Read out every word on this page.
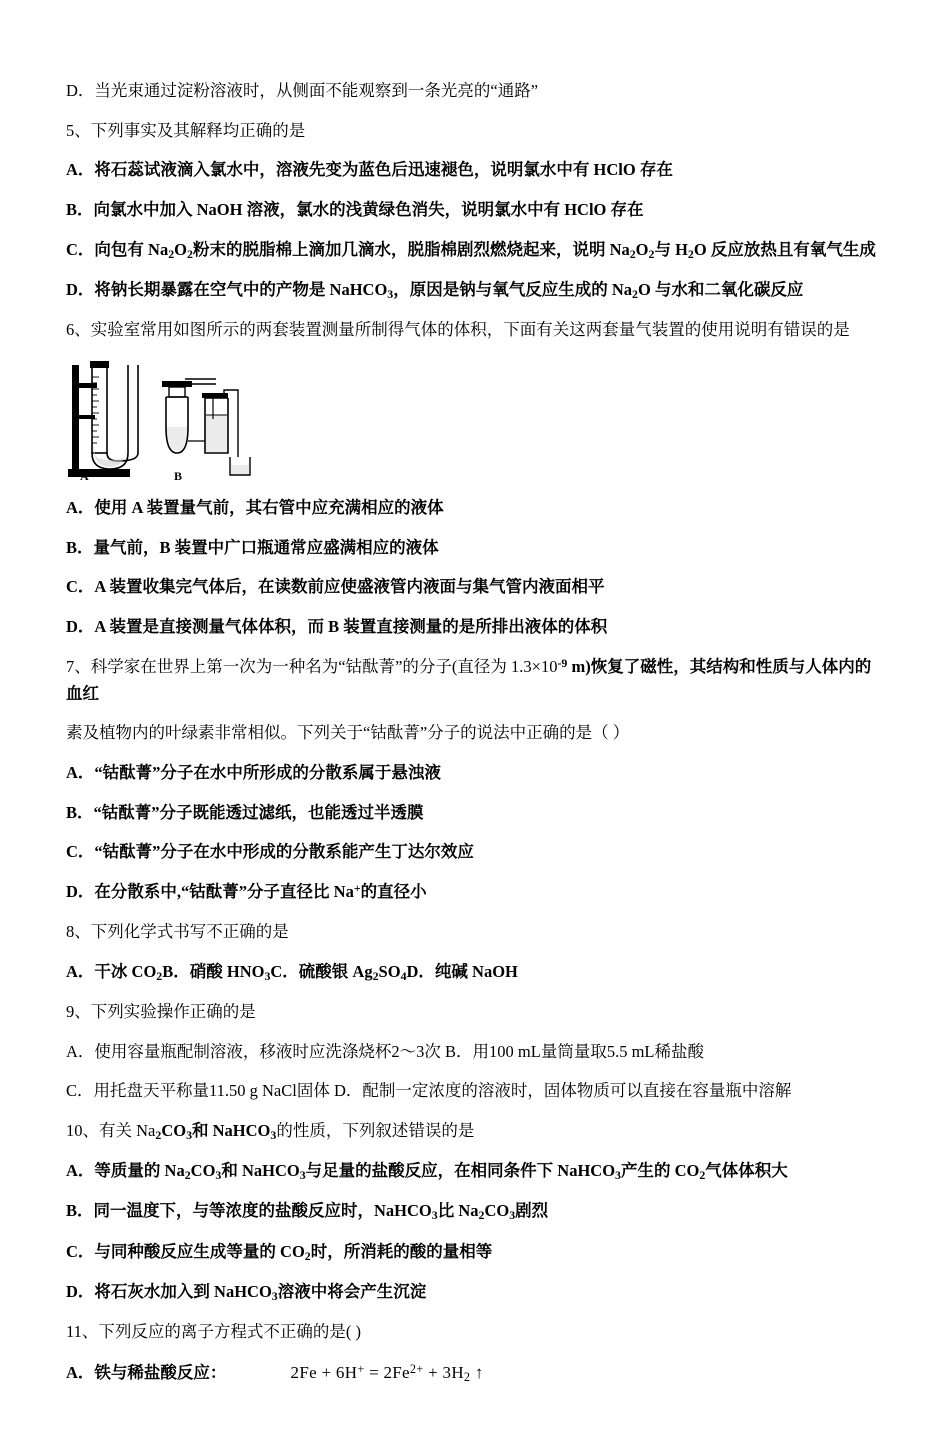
D．当光束通过淀粉溶液时，从侧面不能观察到一条光亮的“通路”

5、下列事实及其解释均正确的是

A．将石蕊试液滴入氯水中，溶液先变为蓝色后迅速褪色，说明氯水中有 HClO 存在

B．向氯水中加入 NaOH 溶液，氯水的浅黄绿色消失，说明氯水中有 HClO 存在

C．向包有 $Na_2O_2$粉末的脱脂棉上滴加几滴水，脱脂棉剧烈燃烧起来，说明 $Na_2O_2$与 $H_2O$ 反应放热且有氧气生成

D．将钠长期暴露在空气中的产物是 NaHCO$_3$，原因是钠与氧气反应生成的 $Na_2O$ 与水和二氧化碳反应

6、实验室常用如图所示的两套装置测量所制得气体的体积，下面有关这两套量气装置的使用说明有错误的是

A	B

A．使用 A 装置量气前，其右管中应充满相应的液体

B．量气前，B 装置中广口瓶通常应盛满相应的液体

C．A 装置收集完气体后，在读数前应使盛液管内液面与集气管内液面相平

D．A 装置是直接测量气体体积，而 B 装置直接测量的是所排出液体的体积

7、科学家在世界上第一次为一种名为“钴酞菁”的分子(直径为 $1.3\times 10^{-9}$ m)恢复了磁性，其结构和性质与人体内的血红

素及植物内的叶绿素非常相似。下列关于“钴酞菁”分子的说法中正确的是（ ）

A．“钴酞菁”分子在水中所形成的分散系属于悬浊液

B．“钴酞菁”分子既能透过滤纸，也能透过半透膜

C．“钴酞菁”分子在水中形成的分散系能产生丁达尔效应

D．在分散系中,“钴酞菁”分子直径比 Na+的直径小

8、下列化学式书写不正确的是

A．干冰 $CO_2B$．硝酸 $HNO_3C$．硫酸银 $Ag_2SO_4D$．纯碱 NaOH

9、下列实验操作正确的是

A．使用容量瓶配制溶液，移液时应洗涤烧杯2～3次 B．用100 mL量筒量取5.5 mL稀盐酸

C．用托盘天平称量11.50 g NaCl固体 D．配制一定浓度的溶液时，固体物质可以直接在容量瓶中溶解

10、有关 $Na_2CO_3$和 NaHCO$_3$的性质，下列叙述错误的是

A．等质量的 $Na_2CO_3$和 NaHCO$_3$与足量的盐酸反应，在相同条件下 NaHCO$_3$产生的 $CO_2$气体体积大

B．同一温度下，与等浓度的盐酸反应时，NaHCO$_3$比 $Na_2CO_3$剧烈

C．与同种酸反应生成等量的 $CO_2$时，所消耗的酸的量相等

D．将石灰水加入到 NaHCO$_3$溶液中将会产生沉淀

11、下列反应的离子方程式不正确的是( )

A．铁与稀盐酸反应：	$2Fe + 6H^+ = 2Fe^{2+} + 3H_2$ ↑
